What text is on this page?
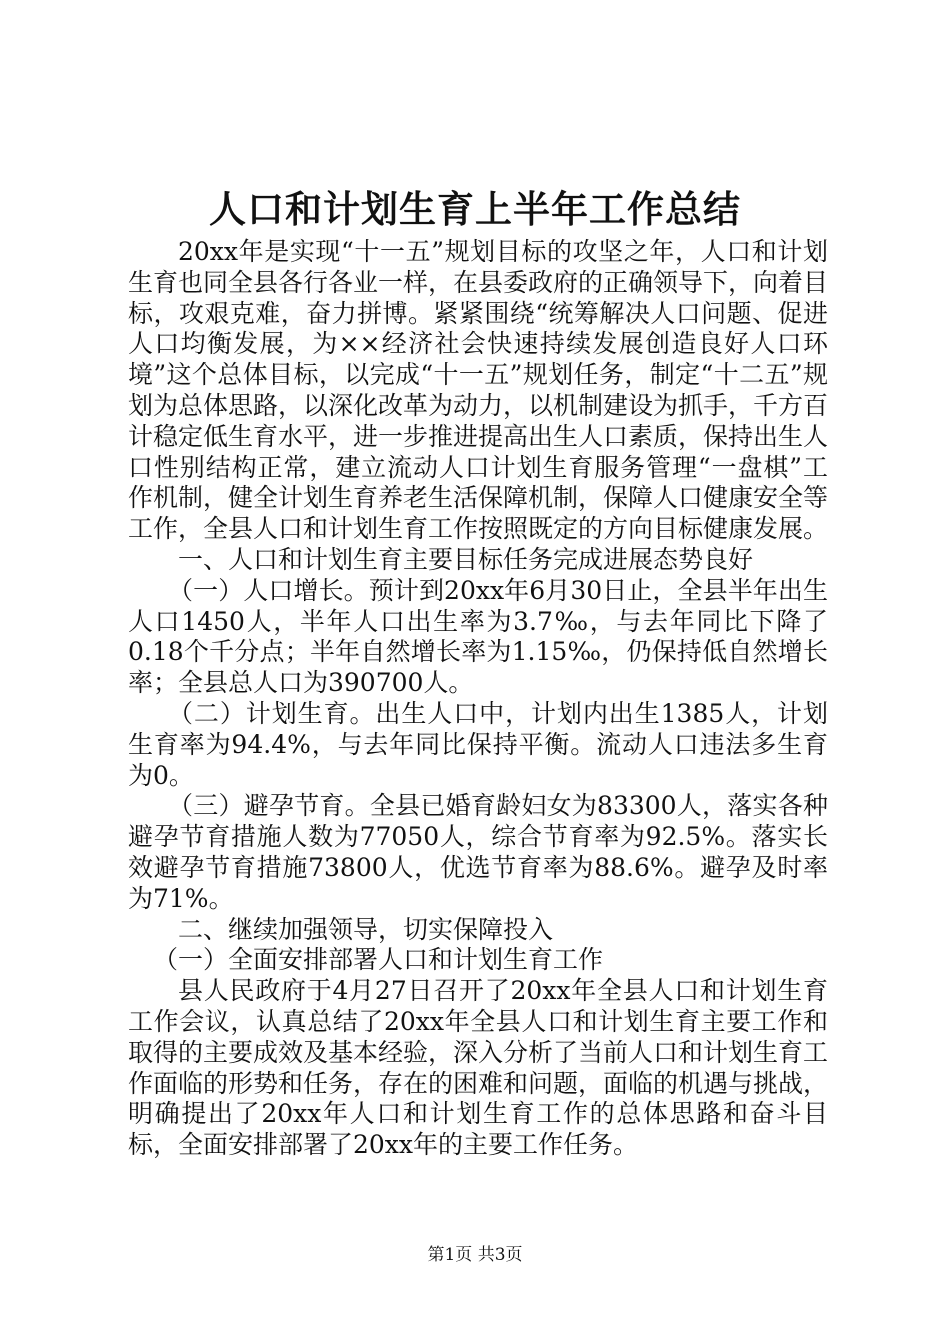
人口和计划生育上半年工作总结

20xx年是实现“十一五”规划目标的攻坚之年，人口和计划生育也同全县各行各业一样，在县委政府的正确领导下，向着目标，攻艰克难，奋力拼博。紧紧围绕“统筹解决人口问题、促进人口均衡发展，为××经济社会快速持续发展创造良好人口环境”这个总体目标，以完成“十一五”规划任务，制定“十二五”规划为总体思路，以深化改革为动力，以机制建设为抓手，千方百计稳定低生育水平，进一步推进提高出生人口素质，保持出生人口性别结构正常，建立流动人口计划生育服务管理“一盘棋”工作机制，健全计划生育养老生活保障机制，保障人口健康安全等工作，全县人口和计划生育工作按照既定的方向目标健康发展。

一、人口和计划生育主要目标任务完成进展态势良好

（一）人口增长。预计到20xx年6月30日止，全县半年出生人口1450人，半年人口出生率为3.7‰，与去年同比下降了0.18个千分点；半年自然增长率为1.15‰，仍保持低自然增长率；全县总人口为390700人。

（二）计划生育。出生人口中，计划内出生1385人，计划生育率为94.4%，与去年同比保持平衡。流动人口违法多生育为0。

（三）避孕节育。全县已婚育龄妇女为83300人，落实各种避孕节育措施人数为77050人，综合节育率为92.5%。落实长效避孕节育措施73800人，优选节育率为88.6%。避孕及时率为71%。

二、继续加强领导，切实保障投入

（一）全面安排部署人口和计划生育工作

县人民政府于4月27日召开了20xx年全县人口和计划生育工作会议，认真总结了20xx年全县人口和计划生育主要工作和取得的主要成效及基本经验，深入分析了当前人口和计划生育工作面临的形势和任务，存在的困难和问题，面临的机遇与挑战，明确提出了20xx年人口和计划生育工作的总体思路和奋斗目标，全面安排部署了20xx年的主要工作任务。

第1页 共3页
